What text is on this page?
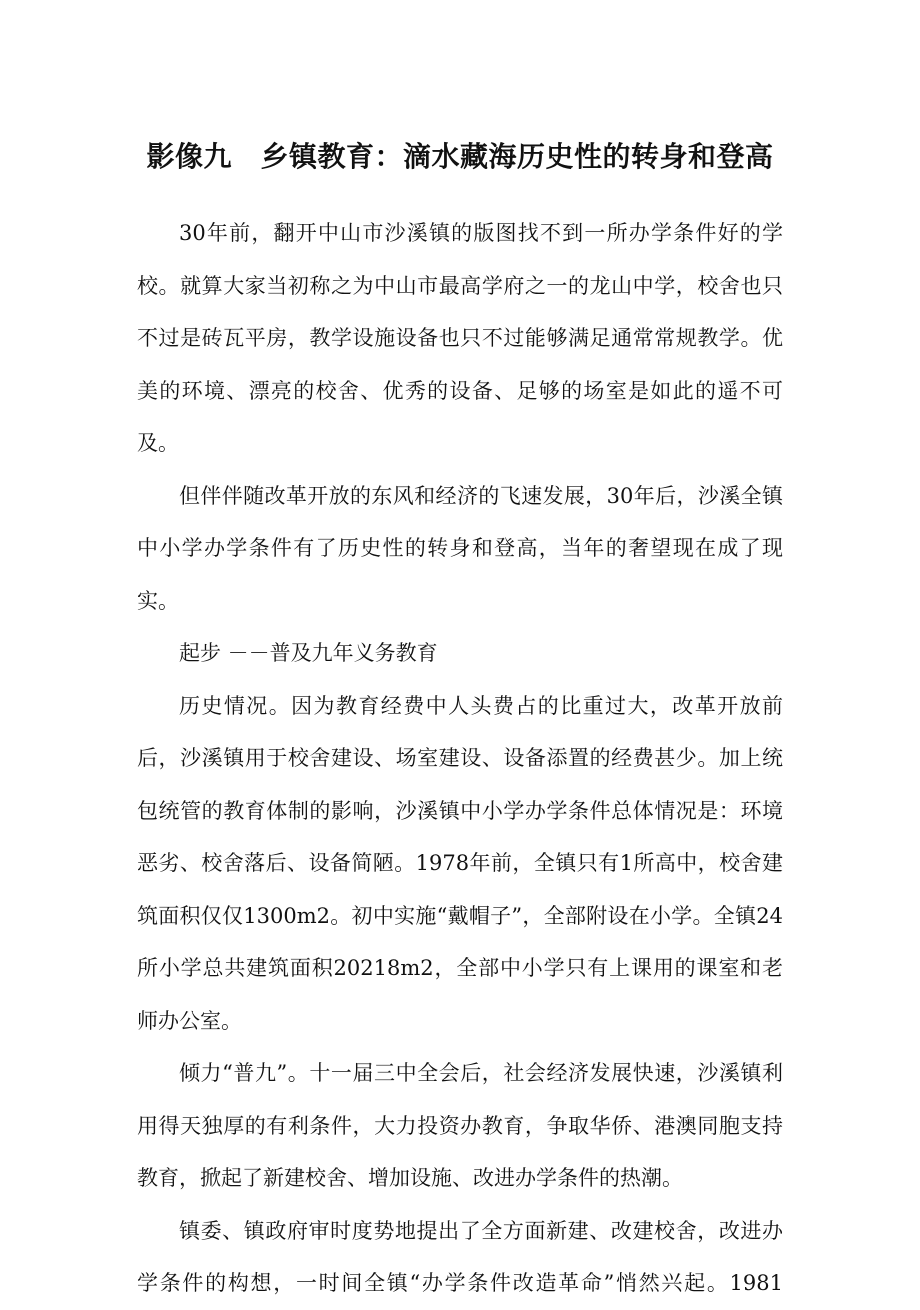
影像九　乡镇教育：滴水藏海历史性的转身和登高

30年前，翻开中山市沙溪镇的版图找不到一所办学条件好的学校。就算大家当初称之为中山市最高学府之一的龙山中学，校舍也只不过是砖瓦平房，教学设施设备也只不过能够满足通常常规教学。优美的环境、漂亮的校舍、优秀的设备、足够的场室是如此的遥不可及。

但伴伴随改革开放的东风和经济的飞速发展，30年后，沙溪全镇中小学办学条件有了历史性的转身和登高，当年的奢望现在成了现实。

起步 －－普及九年义务教育

历史情况。因为教育经费中人头费占的比重过大，改革开放前后，沙溪镇用于校舍建设、场室建设、设备添置的经费甚少。加上统包统管的教育体制的影响，沙溪镇中小学办学条件总体情况是：环境恶劣、校舍落后、设备简陋。1978年前，全镇只有1所高中，校舍建筑面积仅仅1300m2。初中实施“戴帽子”，全部附设在小学。全镇24所小学总共建筑面积20218m2，全部中小学只有上课用的课室和老师办公室。

倾力“普九”。十一届三中全会后，社会经济发展快速，沙溪镇利用得天独厚的有利条件，大力投资办教育，争取华侨、港澳同胞支持教育，掀起了新建校舍、增加设施、改进办学条件的热潮。

镇委、镇政府审时度势地提出了全方面新建、改建校舍，改进办学条件的构想，一时间全镇“办学条件改造革命”悄然兴起。1981
